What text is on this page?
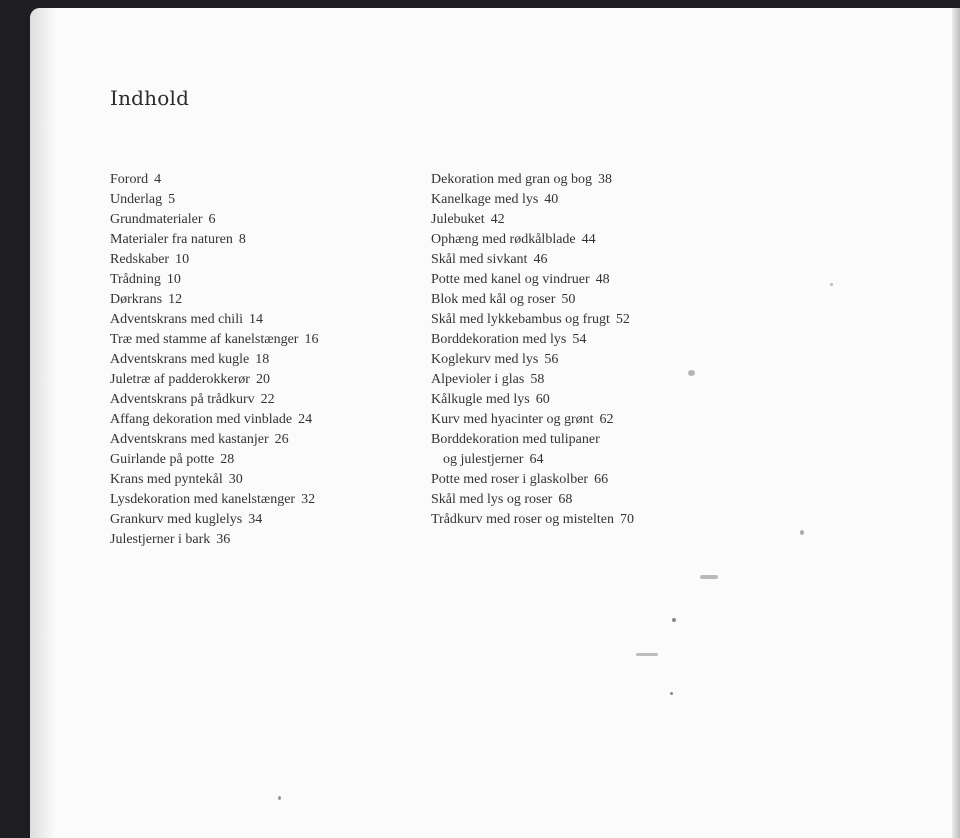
Indhold
Forord 4
Underlag 5
Grundmaterialer 6
Materialer fra naturen 8
Redskaber 10
Trådning 10
Dørkrans 12
Adventskrans med chili 14
Træ med stamme af kanelstænger 16
Adventskrans med kugle 18
Juletræ af padderokkerør 20
Adventskrans på trådkurv 22
Affang dekoration med vinblade 24
Adventskrans med kastanjer 26
Guirlande på potte 28
Krans med pyntekål 30
Lysdekoration med kanelstænger 32
Grankurv med kuglelys 34
Julestjerner i bark 36
Dekoration med gran og bog 38
Kanelkage med lys 40
Julebuket 42
Ophæng med rødkålblade 44
Skål med sivkant 46
Potte med kanel og vindruer 48
Blok med kål og roser 50
Skål med lykkebambus og frugt 52
Borddekoration med lys 54
Koglekurv med lys 56
Alpevioler i glas 58
Kålkugle med lys 60
Kurv med hyacinter og grønt 62
Borddekoration med tulipaner
og julestjerner 64
Potte med roser i glaskolber 66
Skål med lys og roser 68
Trådkurv med roser og mistelten 70
